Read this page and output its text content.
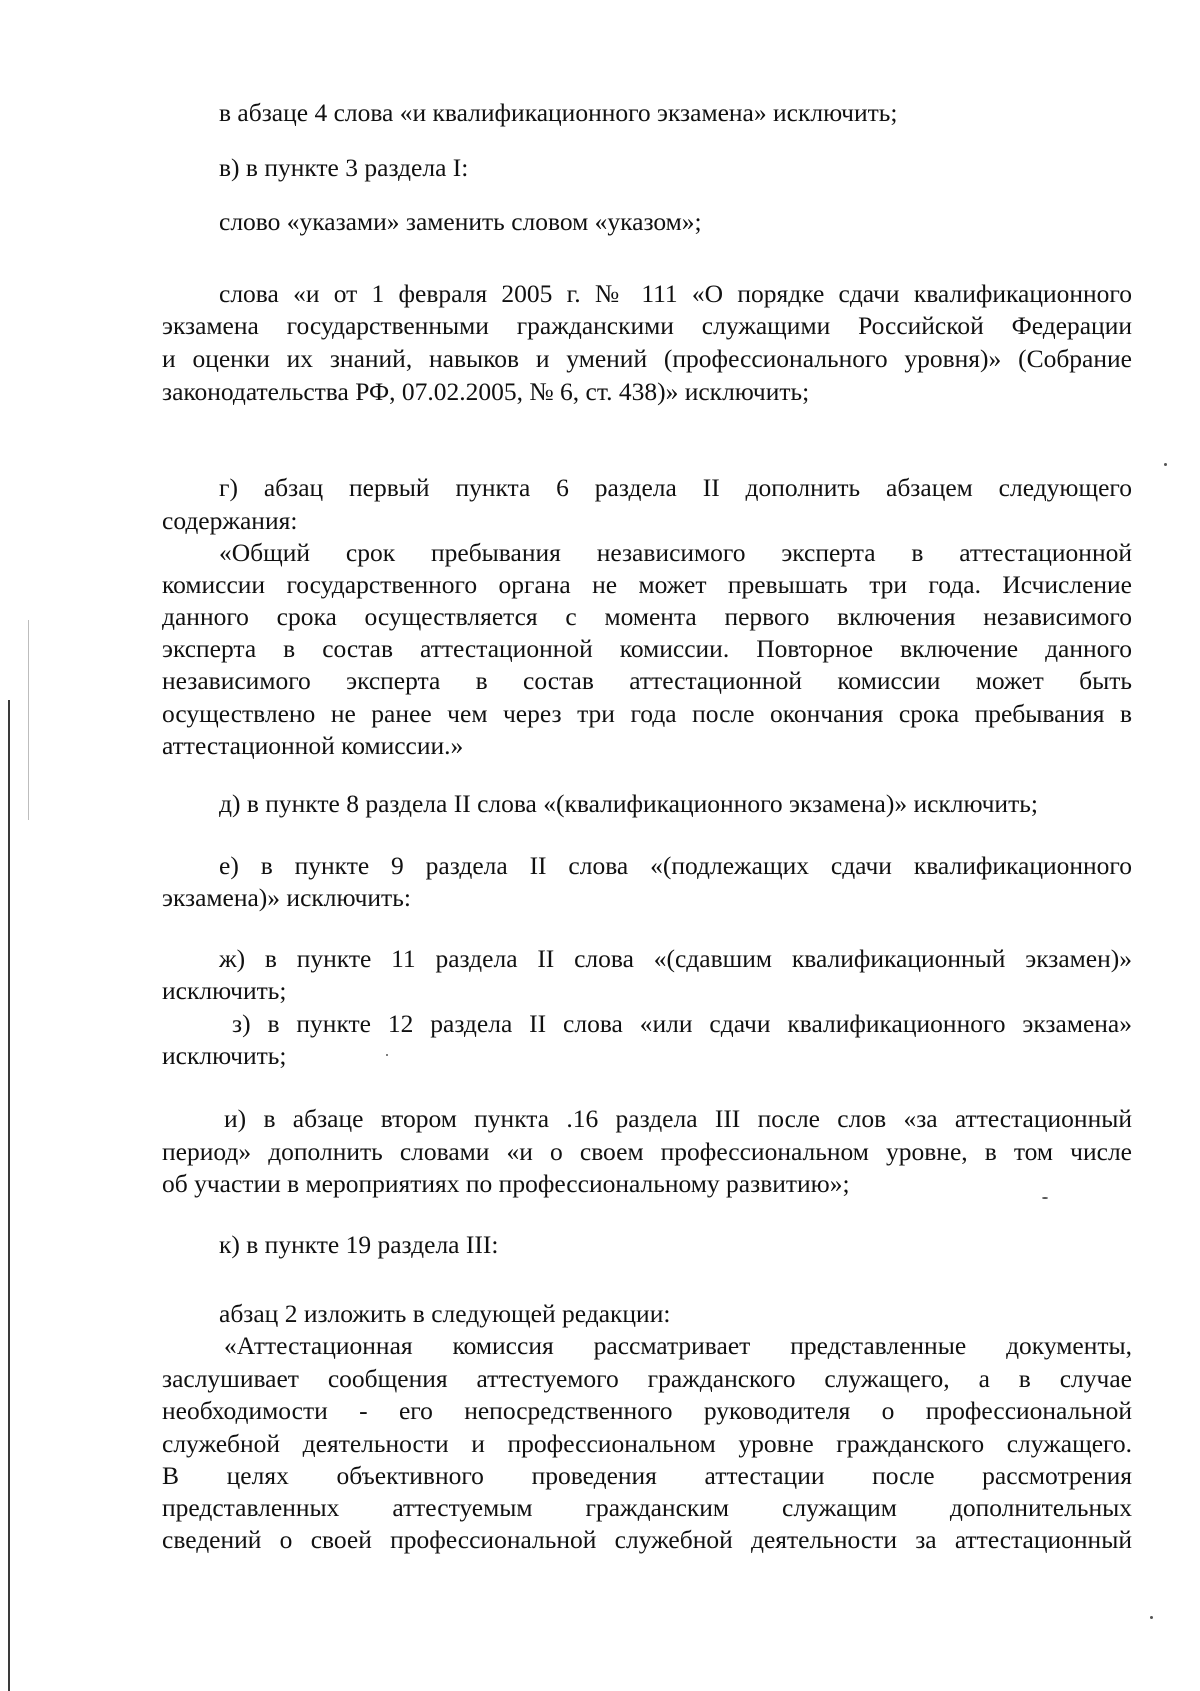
в абзаце 4 слова «и квалификационного экзамена» исключить;
в) в пункте 3 раздела I:
слово «указами» заменить словом «указом»;
слова «и от 1 февраля 2005 г. № 111 «О порядке сдачи квалификационного
экзамена государственными гражданскими служащими Российской Федерации
и оценки их знаний, навыков и умений (профессионального уровня)» (Собрание
законодательства РФ, 07.02.2005, № 6, ст. 438)» исключить;
г) абзац первый пункта 6 раздела II дополнить абзацем следующего
содержания:
«Общий срок пребывания независимого эксперта в аттестационной
комиссии государственного органа не может превышать три года. Исчисление
данного срока осуществляется с момента первого включения независимого
эксперта в состав аттестационной комиссии. Повторное включение данного
независимого эксперта в состав аттестационной комиссии может быть
осуществлено не ранее чем через три года после окончания срока пребывания в
аттестационной комиссии.»
д) в пункте 8 раздела II слова «(квалификационного экзамена)» исключить;
е) в пункте 9 раздела II слова «(подлежащих сдачи квалификационного
экзамена)» исключить:
ж) в пункте 11 раздела II слова «(сдавшим квалификационный экзамен)»
исключить;
з) в пункте 12 раздела II слова «или сдачи квалификационного экзамена»
исключить;
и) в абзаце втором пункта .16 раздела III после слов «за аттестационный
период» дополнить словами «и о своем профессиональном уровне, в том числе
об участии в мероприятиях по профессиональному развитию»;
к) в пункте 19 раздела III:
абзац 2 изложить в следующей редакции:
«Аттестационная комиссия рассматривает представленные документы,
заслушивает сообщения аттестуемого гражданского служащего, а в случае
необходимости - его непосредственного руководителя о профессиональной
служебной деятельности и профессиональном уровне гражданского служащего.
В целях объективного проведения аттестации после рассмотрения
представленных аттестуемым гражданским служащим дополнительных
сведений о своей профессиональной служебной деятельности за аттестационный
